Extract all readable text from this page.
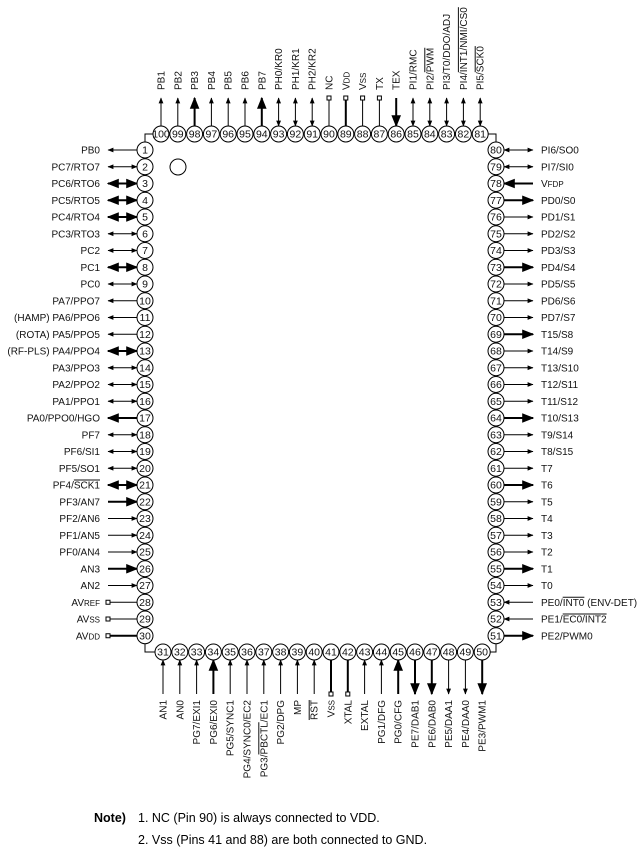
1
PB0
2
PC7/RTO7
3
PC6/RTO6
4
PC5/RTO5
5
PC4/RTO4
6
PC3/RTO3
7
PC2
8
PC1
9
PC0
10
PA7/PPO7
11
(HAMP) PA6/PPO6
12
(ROTA) PA5/PPO5
13
(RF-PLS) PA4/PPO4
14
PA3/PPO3
15
PA2/PPO2
16
PA1/PPO1
17
PA0/PPO0/HGO
18
PF7
19
PF6/SI1
20
PF5/SO1
21
PF4/SCK1
22
PF3/AN7
23
PF2/AN6
24
PF1/AN5
25
PF0/AN4
26
AN3
27
AN2
28
AVREF
29
AVSS
30
AVDD
31
AN1
32
AN0
33
PG7/EXI1
34
PG6/EXI0
35
PG5/SYNC1
36
PG4/SYNC0/EC2
37
PG3/PBCTL/EC1
38
PG2/DPG
39
MP
40
RST
41
VSS
42
XTAL
43
EXTAL
44
PG1/DFG
45
PG0/CFG
46
PE7/DAB1
47
PE6/DAB0
48
PE5/DAA1
49
PE4/DAA0
50
PE3/PWM1
80	PI6/SO0
79	PI7/SI0
78	VFDP
77	PD0/S0
76	PD1/S1
75	PD2/S2
74	PD3/S3
73	PD4/S4
72	PD5/S5
71	PD6/S6
70	PD7/S7
69	T15/S8
68	T14/S9
67	T13/S10
66	T12/S11
65	T11/S12
64	T10/S13
63	T9/S14
62	T8/S15
61	T7
60	T6
59	T5
58	T4
57	T3
56	T2
55	T1
54	T0
53	PE0/INT0 (ENV-DET)
52	PE1/EC0/INT2
51	PE2/PWM0
100
PB1
99
PB2
98
PB3
97
PB4
96
PB5
95
PB6
94
PB7
93
PH0/KR0
92
PH1/KR1
91
PH2/KR2
90
NC
89
VDD
88
VSS
87
TX
86
TEX
85
PI1/RMC
84
PI2/PWM
83
PI3/T0/DDO/ADJ
82
PI4/INT1/NMI/CS0
81
PI5/SCK0
Note) 1. NC (Pin 90) is always connected to VDD.
2. Vss (Pins 41 and 88) are both connected to GND.
